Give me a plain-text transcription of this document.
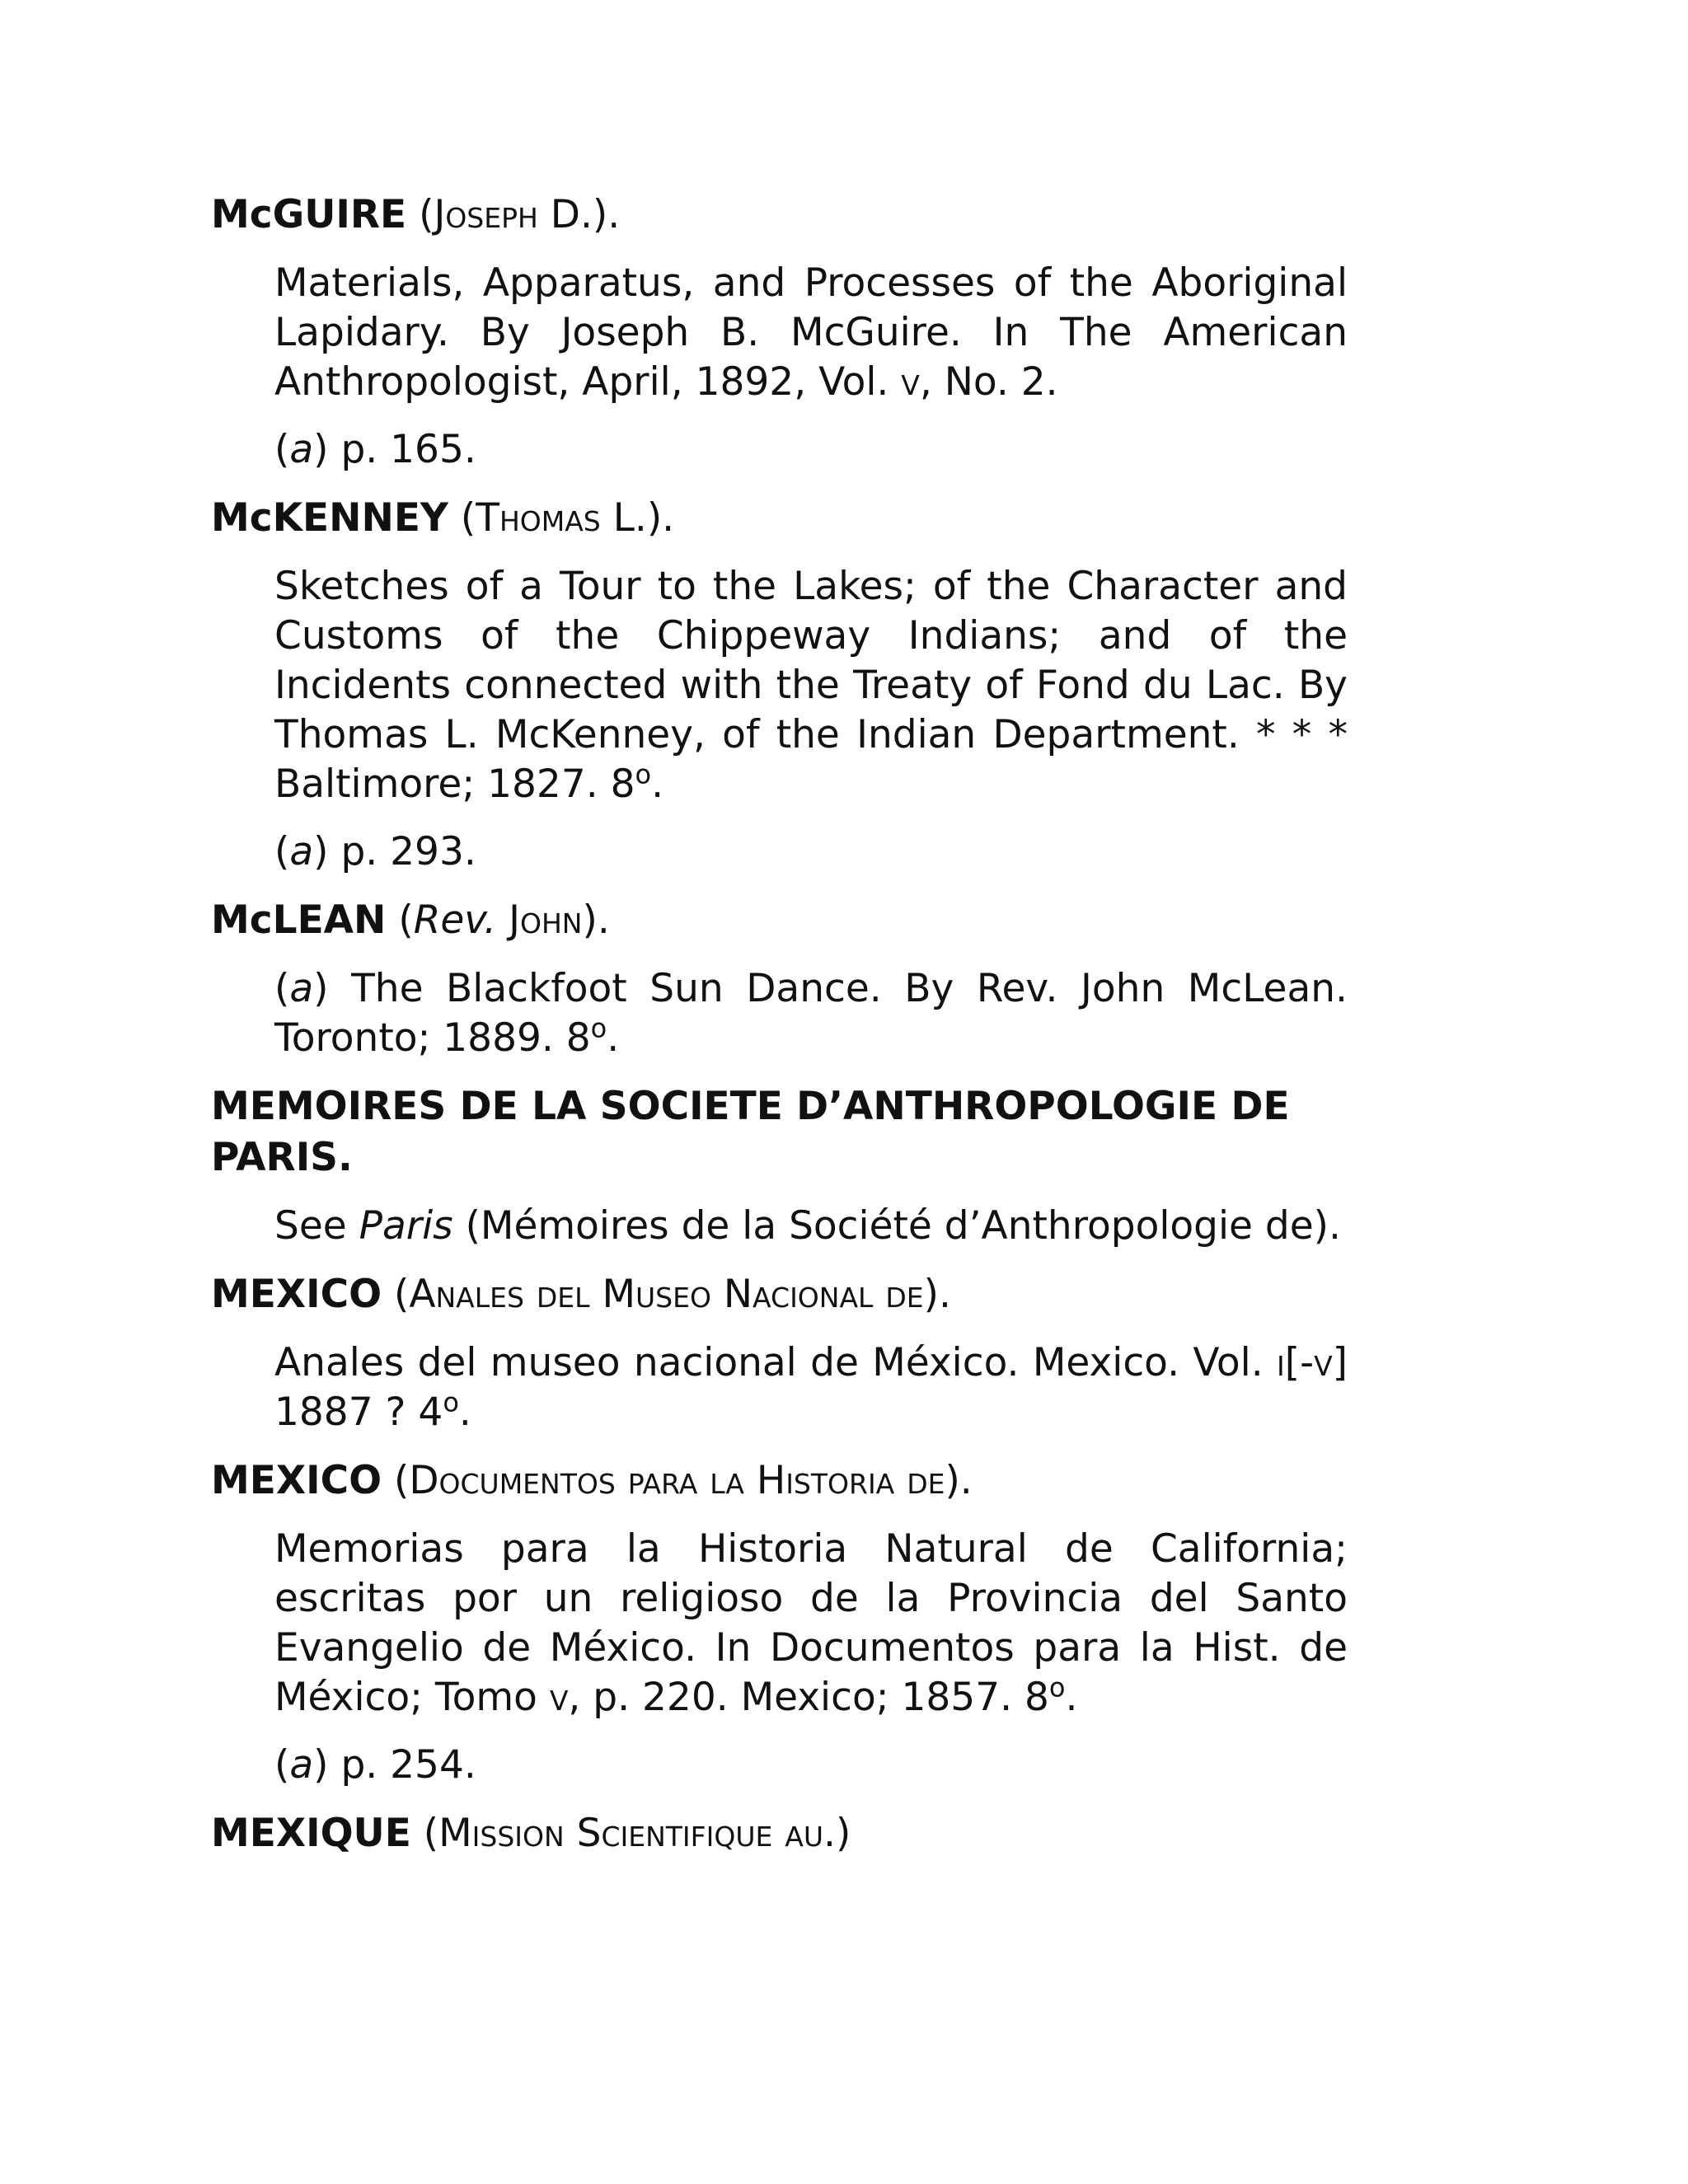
McGUIRE (Joseph D.).
Materials, Apparatus, and Processes of the Aboriginal Lapidary. By Joseph B. McGuire. In The American Anthropologist, April, 1892, Vol. v, No. 2.
(a) p. 165.
McKENNEY (Thomas L.).
Sketches of a Tour to the Lakes; of the Character and Customs of the Chippeway Indians; and of the Incidents connected with the Treaty of Fond du Lac. By Thomas L. McKenney, of the Indian Department. * * * Baltimore; 1827. 8$^o$.
(a) p. 293.
McLEAN (Rev. John).
(a) The Blackfoot Sun Dance. By Rev. John McLean. Toronto; 1889. 8$^o$.
MEMOIRES DE LA SOCIETE D’ANTHROPOLOGIE DE PARIS.
See Paris (Mémoires de la Société d’Anthropologie de).
MEXICO (Anales del Museo Nacional de).
Anales del museo nacional de México. Mexico. Vol. i[-v] 1887 ? 4$^o$.
MEXICO (Documentos para la Historia de).
Memorias para la Historia Natural de California; escritas por un religioso de la Provincia del Santo Evangelio de México. In Documentos para la Hist. de México; Tomo v, p. 220. Mexico; 1857. 8$^o$.
(a) p. 254.
MEXIQUE (Mission Scientifique au.)
